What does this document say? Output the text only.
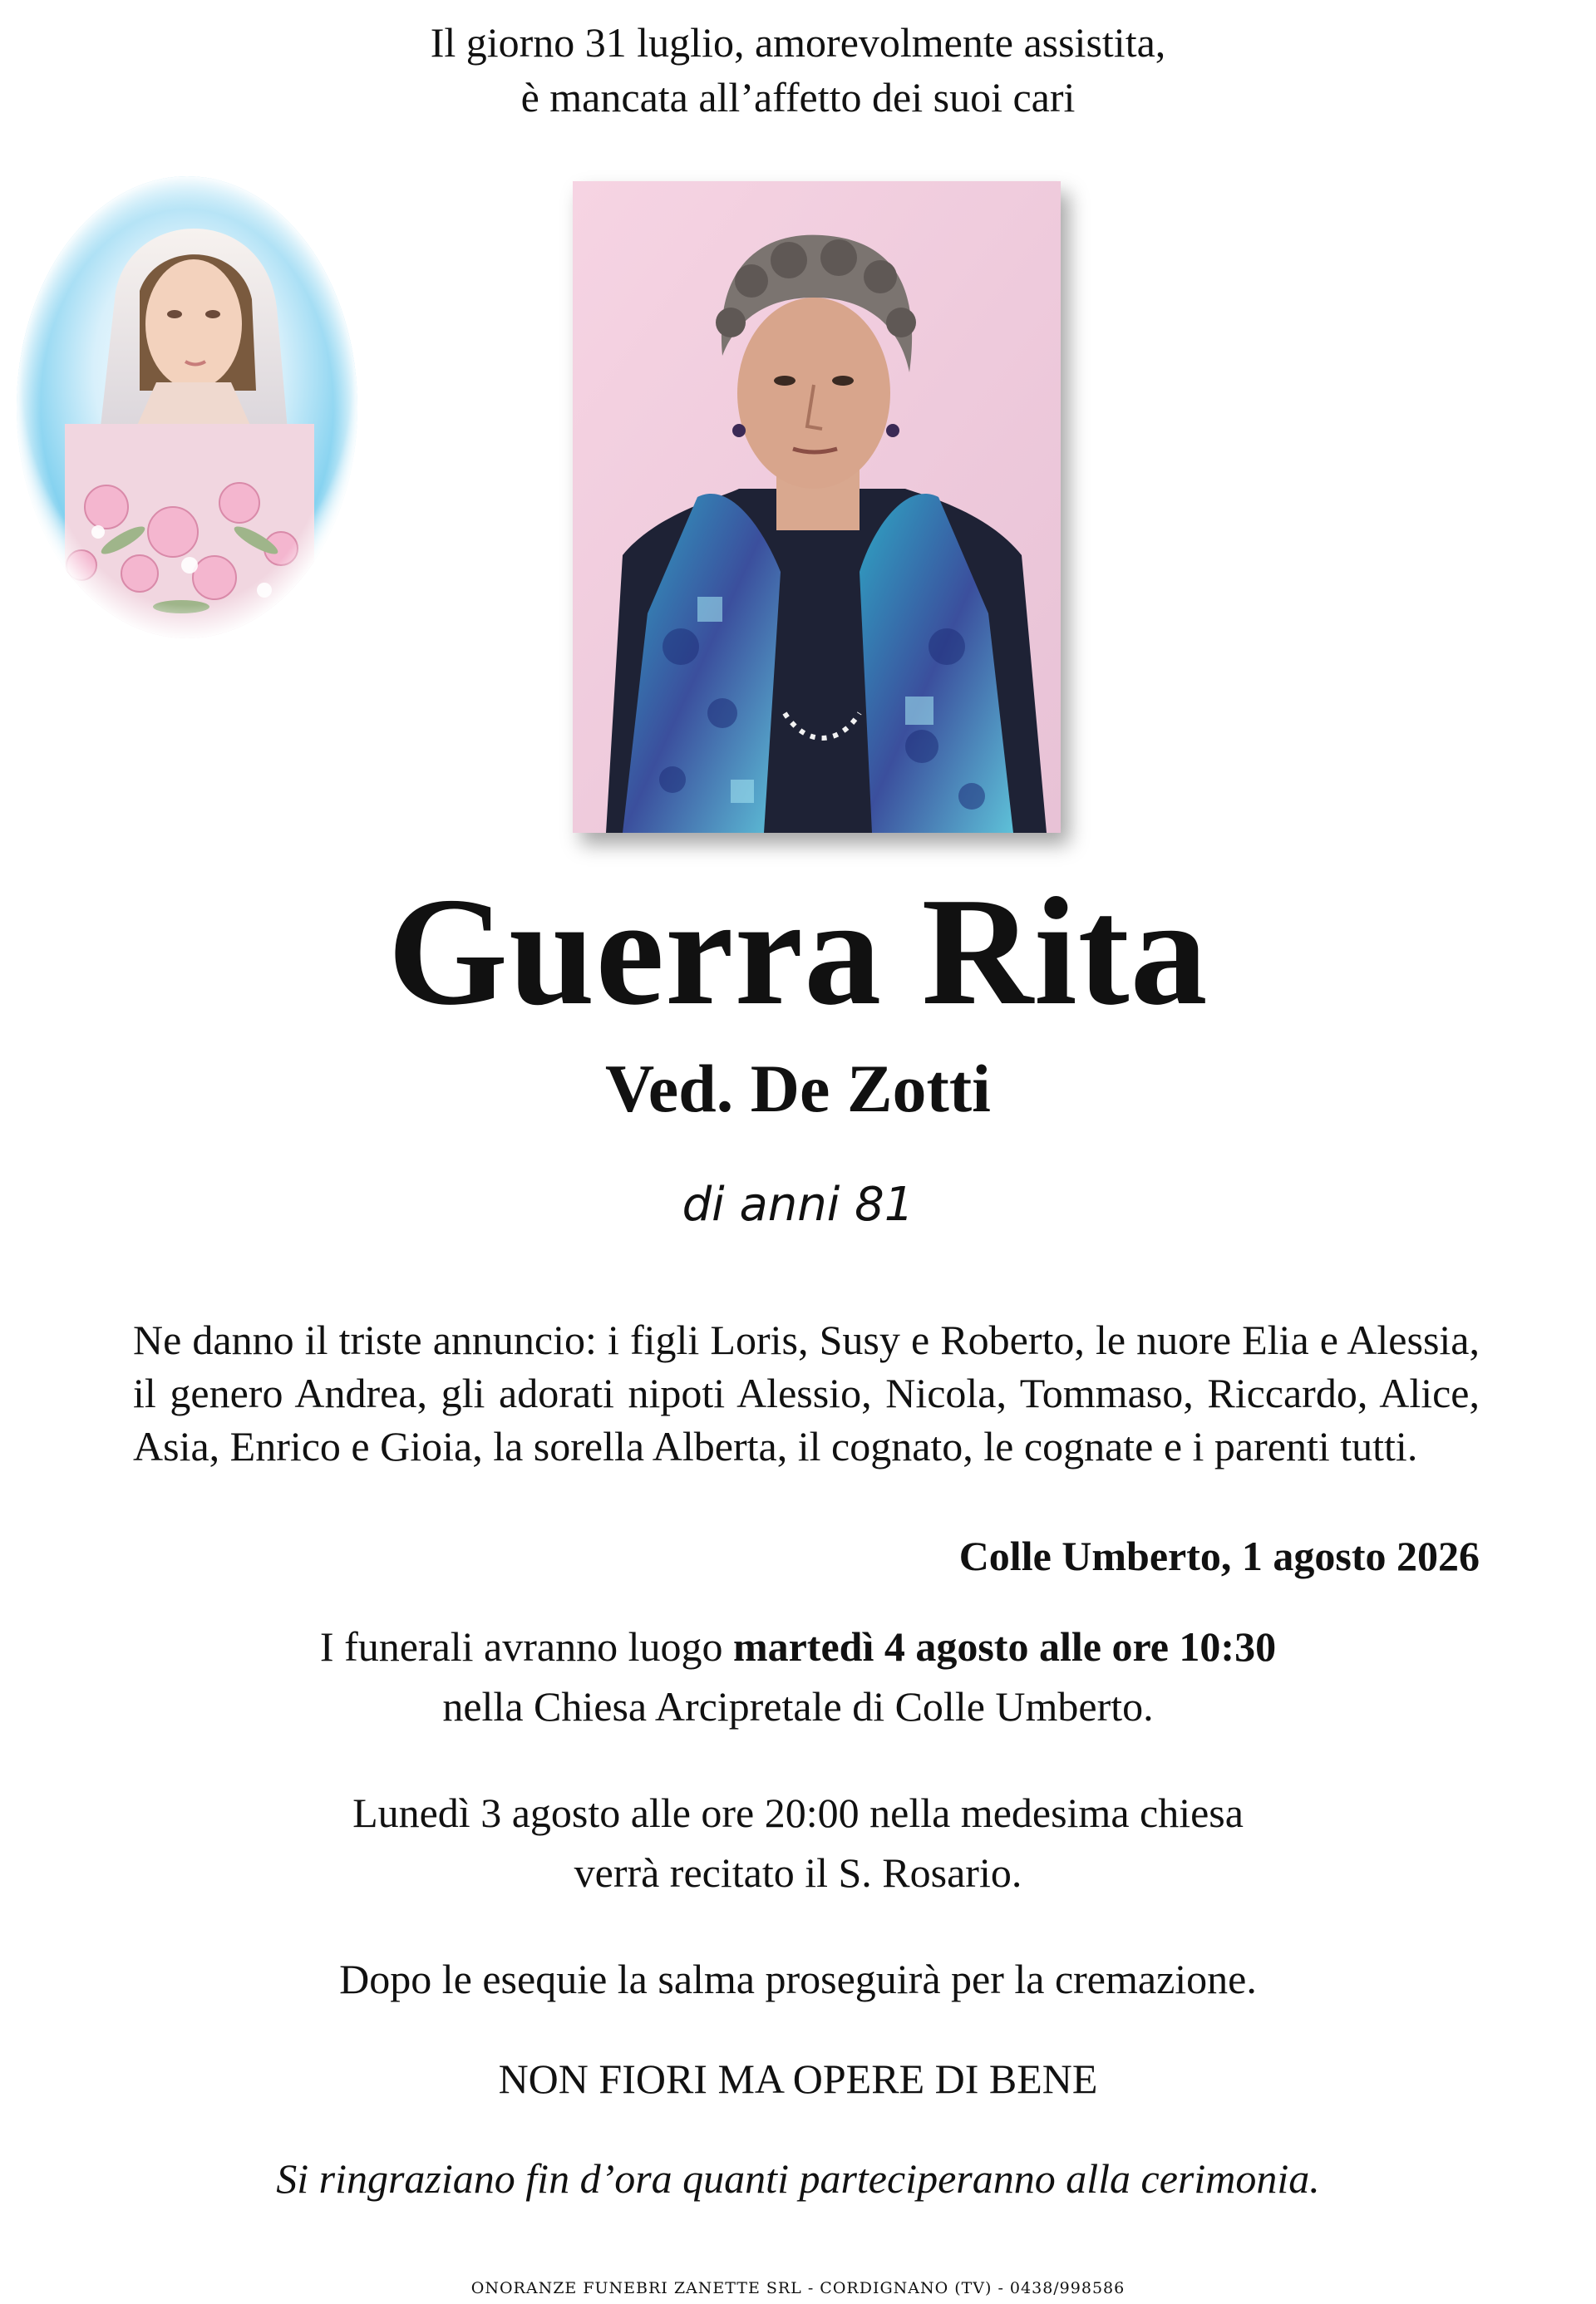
Il giorno 31 luglio, amorevolmente assistita,
è mancata all’affetto dei suoi cari
Guerra Rita
Ved. De Zotti
di anni 81
Ne danno il triste annuncio: i figli Loris, Susy e Roberto, le nuore Elia e Alessia, il genero Andrea, gli adorati nipoti Alessio, Nicola, Tommaso, Riccardo, Alice, Asia, Enrico e Gioia, la sorella Alberta, il cognato, le cognate e i parenti tutti.
Colle Umberto, 1 agosto 2026
I funerali avranno luogo martedì 4 agosto alle ore 10:30
nella Chiesa Arcipretale di Colle Umberto.
Lunedì 3 agosto alle ore 20:00 nella medesima chiesa
verrà recitato il S. Rosario.
Dopo le esequie la salma proseguirà per la cremazione.
NON FIORI MA OPERE DI BENE
Si ringraziano fin d’ora quanti parteciperanno alla cerimonia.
ONORANZE FUNEBRI ZANETTE SRL - CORDIGNANO (TV) - 0438/998586
